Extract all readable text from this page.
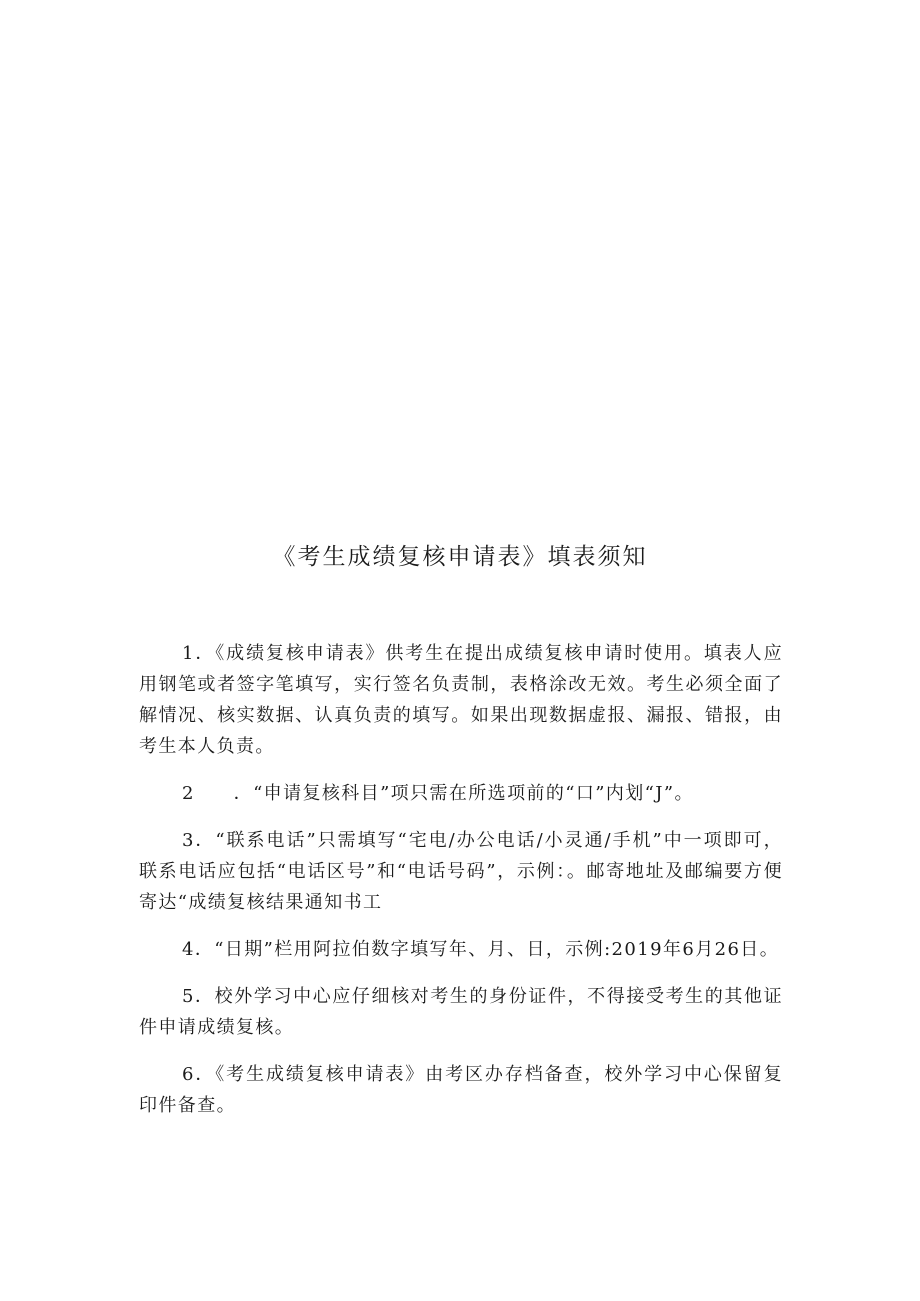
《考生成绩复核申请表》填表须知

1．《成绩复核申请表》供考生在提出成绩复核申请时使用。填表人应用钢笔或者签字笔填写，实行签名负责制，表格涂改无效。考生必须全面了解情况、核实数据、认真负责的填写。如果出现数据虚报、漏报、错报，由考生本人负责。

2　　．“申请复核科目”项只需在所选项前的“口”内划“J”。

3．“联系电话”只需填写“宅电/办公电话/小灵通/手机”中一项即可，联系电话应包括“电话区号”和“电话号码”，示例：。邮寄地址及邮编要方便寄达“成绩复核结果通知书工

4．“日期”栏用阿拉伯数字填写年、月、日，示例:2019年6月26日。

5．校外学习中心应仔细核对考生的身份证件，不得接受考生的其他证件申请成绩复核。

6．《考生成绩复核申请表》由考区办存档备查，校外学习中心保留复印件备查。
